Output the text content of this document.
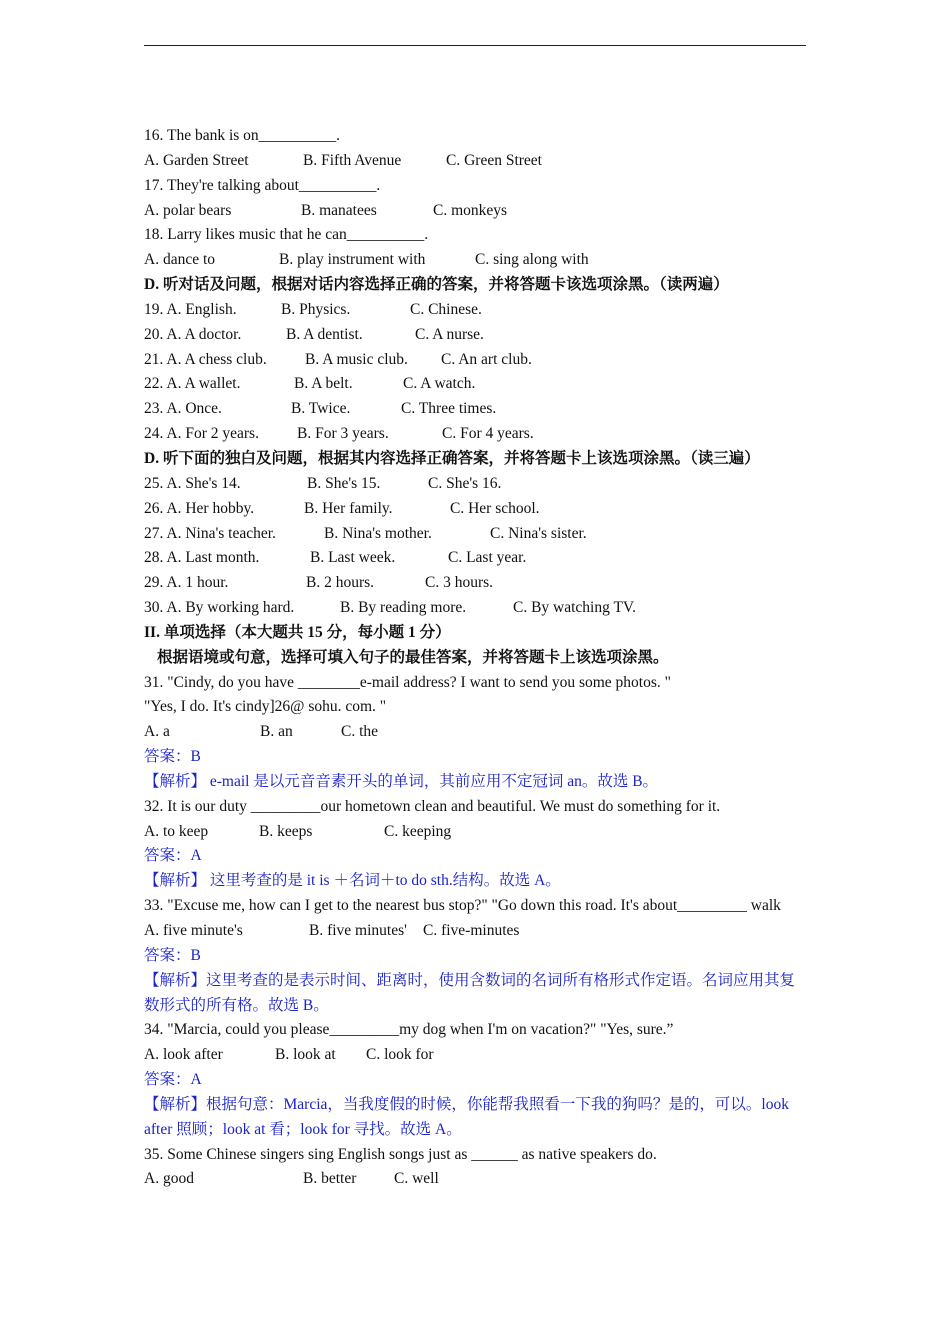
16. The bank is on__________.
A. Garden Street	B. Fifth Avenue	C. Green Street
17. They're talking about__________.
A. polar bears	B. manatees	C. monkeys
18. Larry likes music that he can__________.
A. dance to	B. play instrument with	C. sing along with
D. 听对话及问题，根据对话内容选择正确的答案，并将答题卡该选项涂黑。（读两遍）
19. A. English.	B. Physics.	C. Chinese.
20. A. A doctor.	B. A dentist.	C. A nurse.
21. A. A chess club. B. A music club. C. An art club.
22. A. A wallet.	B. A belt.	C. A watch.
23. A. Once.	B. Twice.	C. Three times.
24. A. For 2 years. B. For 3 years.	C. For 4 years.
D. 听下面的独白及问题，根据其内容选择正确答案，并将答题卡上该选项涂黑。（读三遍）
25. A. She's 14.	B. She's 15.	C. She's 16.
26. A. Her hobby.	B. Her family.	C. Her school.
27. A. Nina's teacher.	B. Nina's mother.	C. Nina's sister.
28. A. Last month.	B. Last week.	C. Last year.
29. A. 1 hour.	B. 2 hours.	C. 3 hours.
30. A. By working hard.	B. By reading more.	C. By watching TV.
II. 单项选择（本大题共 15 分，每小题 1 分）
根据语境或句意，选择可填入句子的最佳答案，并将答题卡上该选项涂黑。
31. "Cindy, do you have ________e-mail address? I want to send you some photos. "
"Yes, I do. It's cindy]26@ sohu. com. "
A. a	B. an	C. the
答案：B
【解析】 e-mail 是以元音音素开头的单词，其前应用不定冠词 an。故选 B。
32. It is our duty _________our hometown clean and beautiful. We must do something for it.
A. to keep	B. keeps	C. keeping
答案：A
【解析】 这里考查的是 it is ＋名词＋to do sth.结构。故选 A。
33. "Excuse me, how can I get to the nearest bus stop?" "Go down this road. It's about_________ walk
A. five minute's	B. five minutes' C. five-minutes
答案：B
【解析】这里考查的是表示时间、距离时，使用含数词的名词所有格形式作定语。名词应用其复数形式的所有格。故选 B。
34. "Marcia, could you please_________my dog when I'm on vacation?" "Yes, sure.”
A. look after	B. look at C. look for
答案：A
【解析】根据句意：Marcia，当我度假的时候，你能帮我照看一下我的狗吗？是的，可以。look after 照顾；look at 看；look for 寻找。故选 A。
35. Some Chinese singers sing English songs just as ______ as native speakers do.
A. good	B. better C. well
